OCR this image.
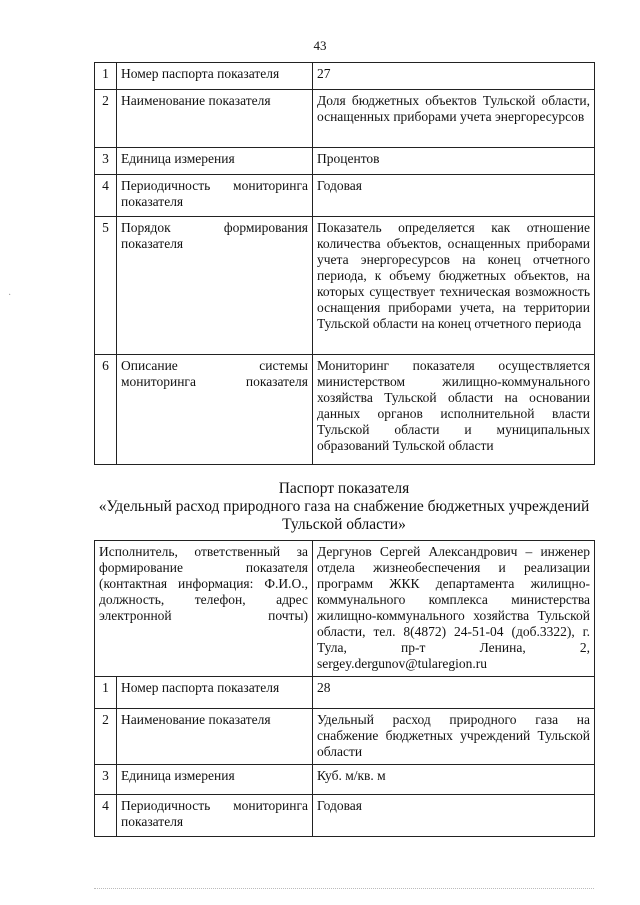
43
·
1	Номер паспорта показателя	27
2	Наименование показателя	Доля бюджетных объектов Тульской области, оснащенных приборами учета энергоресурсов
3	Единица измерения	Процентов
4	Периодичность мониторинга показателя	Годовая
5	Порядок формирования показателя	Показатель определяется как отношение количества объектов, оснащенных приборами учета энергоресурсов на конец отчетного периода, к объему бюджетных объектов, на которых существует техническая возможность оснащения приборами учета, на территории Тульской области на конец отчетного периода
6	Описание системы мониторинга показателя	Мониторинг показателя осуществляется министерством жилищно-коммунального хозяйства Тульской области на основании данных органов исполнительной власти Тульской области и муниципальных образований Тульской области
Паспорт показателя
«Удельный расход природного газа на снабжение бюджетных учреждений Тульской области»
Исполнитель, ответственный за формирование показателя (контактная информация: Ф.И.О., должность, телефон, адрес электронной почты)		Дергунов Сергей Александрович – инженер отдела жизнеобеспечения и реализации программ ЖКК департамента жилищно-коммунального комплекса министерства жилищно-коммунального хозяйства Тульской области, тел. 8(4872) 24-51-04 (доб.3322), г. Тула, пр-т Ленина, 2, sergey.dergunov@tularegion.ru
1	Номер паспорта показателя	28
2	Наименование показателя	Удельный расход природного газа на снабжение бюджетных учреждений Тульской области
3	Единица измерения	Куб. м/кв. м
4	Периодичность мониторинга показателя	Годовая
